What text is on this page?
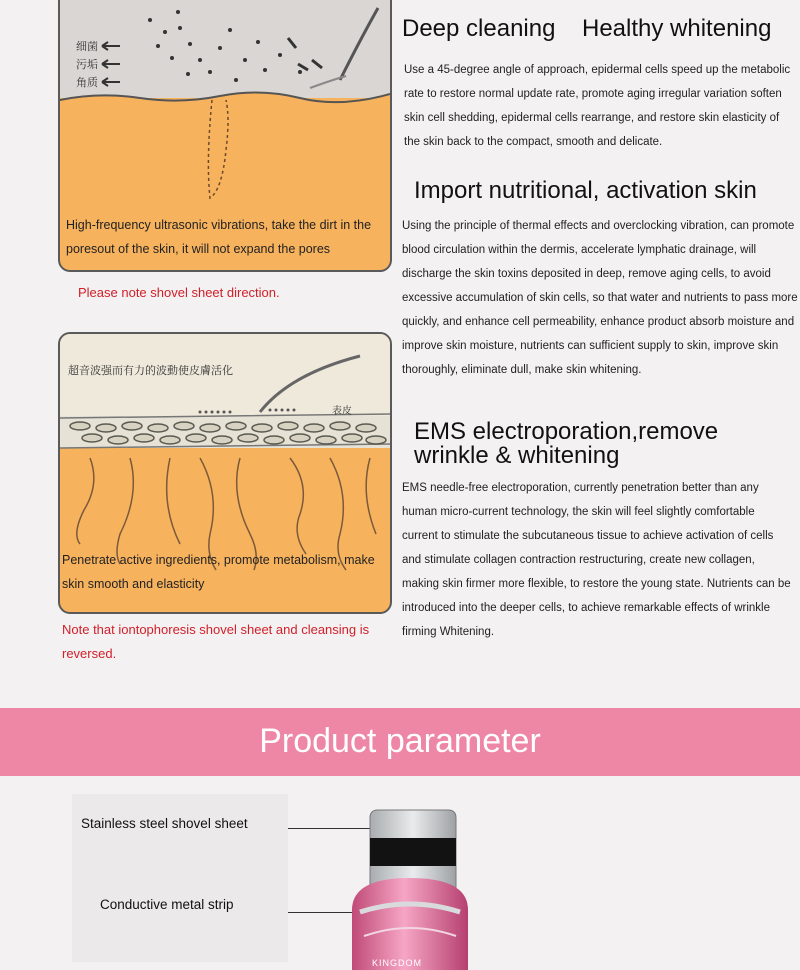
细菌
污垢
角质
High-frequency ultrasonic vibrations, take the dirt in the poresout of the skin, it will not expand the pores
Please note shovel sheet direction.
超音波强而有力的波動使皮膚活化
表皮
Penetrate active ingredients, promote metabolism, make skin smooth and elasticity
Note that iontophoresis shovel sheet and cleansing is reversed.
Deep cleaning Healthy whitening
Use a 45-degree angle of approach, epidermal cells speed up the metabolic rate to restore normal update rate, promote aging irregular variation soften skin cell shedding, epidermal cells rearrange, and restore skin elasticity of the skin back to the compact, smooth and delicate.
Import nutritional, activation skin
Using the principle of thermal effects and overclocking vibration, can promote blood circulation within the dermis, accelerate lymphatic drainage, will discharge the skin toxins deposited in deep, remove aging cells, to avoid excessive accumulation of skin cells, so that water and nutrients to pass more quickly, and enhance cell permeability, enhance product absorb moisture and improve skin moisture, nutrients can sufficient supply to skin, improve skin thoroughly, eliminate dull, make skin whitening.
EMS electroporation,remove
wrinkle & whitening
EMS needle-free electroporation, currently penetration better than any human micro-current technology, the skin will feel slightly comfortable current to stimulate the subcutaneous tissue to achieve activation of cells and stimulate collagen contraction restructuring, create new collagen, making skin firmer more flexible, to restore the young state. Nutrients can be introduced into the deeper cells, to achieve remarkable effects of wrinkle firming Whitening.
Product parameter
Stainless steel shovel sheet
Conductive metal strip
KINGDOM
